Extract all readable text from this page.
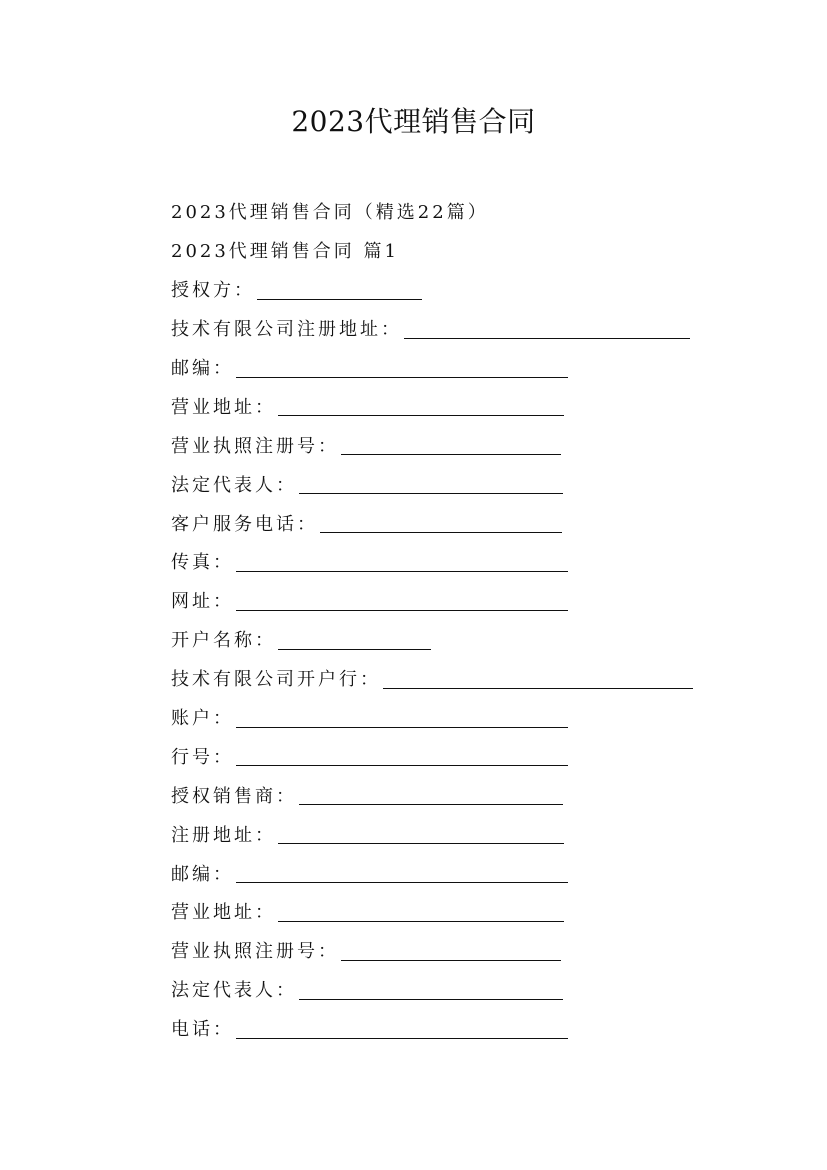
2023代理销售合同
2023代理销售合同（精选22篇）
2023代理销售合同 篇1
授权方：
技术有限公司注册地址：
邮编：
营业地址：
营业执照注册号：
法定代表人：
客户服务电话：
传真：
网址：
开户名称：
技术有限公司开户行：
账户：
行号：
授权销售商：
注册地址：
邮编：
营业地址：
营业执照注册号：
法定代表人：
电话：
